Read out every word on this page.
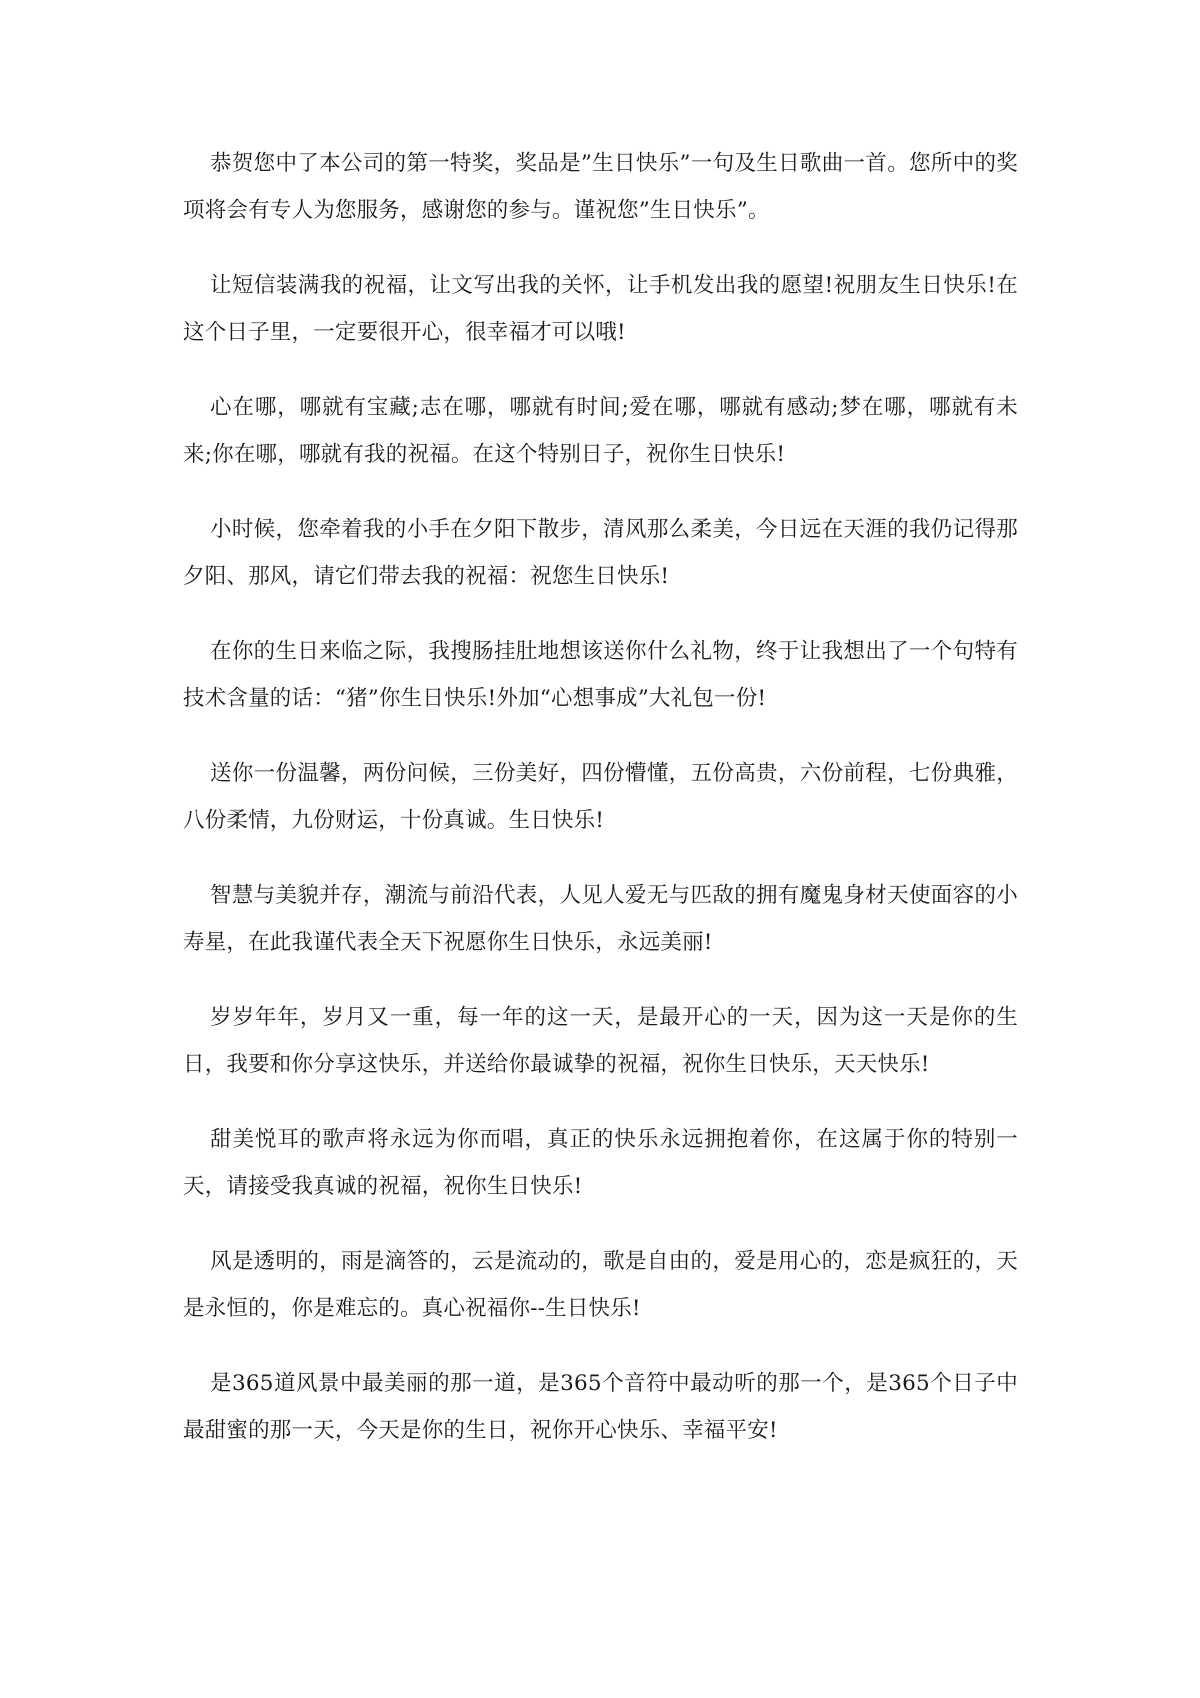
恭贺您中了本公司的第一特奖，奖品是”生日快乐”一句及生日歌曲一首。您所中的奖项将会有专人为您服务，感谢您的参与。谨祝您”生日快乐”。

让短信装满我的祝福，让文写出我的关怀，让手机发出我的愿望!祝朋友生日快乐!在这个日子里，一定要很开心，很幸福才可以哦!

心在哪，哪就有宝藏;志在哪，哪就有时间;爱在哪，哪就有感动;梦在哪，哪就有未来;你在哪，哪就有我的祝福。在这个特别日子，祝你生日快乐!

小时候，您牵着我的小手在夕阳下散步，清风那么柔美，今日远在天涯的我仍记得那夕阳、那风，请它们带去我的祝福：祝您生日快乐!

在你的生日来临之际，我搜肠挂肚地想该送你什么礼物，终于让我想出了一个句特有技术含量的话：“猪”你生日快乐!外加“心想事成”大礼包一份!

送你一份温馨，两份问候，三份美好，四份懵懂，五份高贵，六份前程，七份典雅，八份柔情，九份财运，十份真诚。生日快乐!

智慧与美貌并存，潮流与前沿代表，人见人爱无与匹敌的拥有魔鬼身材天使面容的小寿星，在此我谨代表全天下祝愿你生日快乐，永远美丽!

岁岁年年，岁月又一重，每一年的这一天，是最开心的一天，因为这一天是你的生日，我要和你分享这快乐，并送给你最诚挚的祝福，祝你生日快乐，天天快乐!

甜美悦耳的歌声将永远为你而唱，真正的快乐永远拥抱着你，在这属于你的特别一天，请接受我真诚的祝福，祝你生日快乐!

风是透明的，雨是滴答的，云是流动的，歌是自由的，爱是用心的，恋是疯狂的，天是永恒的，你是难忘的。真心祝福你--生日快乐!

是365道风景中最美丽的那一道，是365个音符中最动听的那一个，是365个日子中最甜蜜的那一天，今天是你的生日，祝你开心快乐、幸福平安!
